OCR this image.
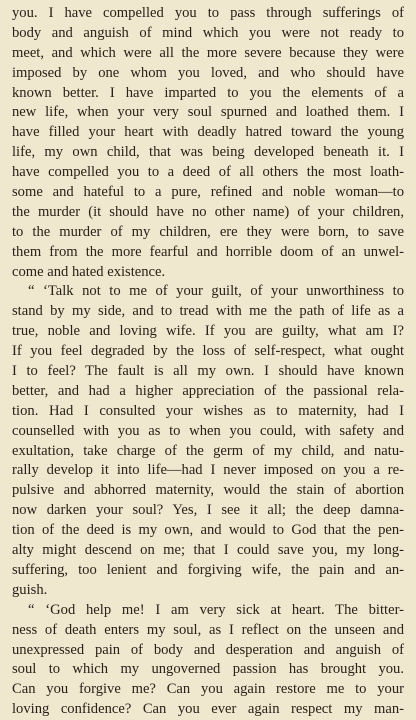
you. I have compelled you to pass through sufferings of
body and anguish of mind which you were not ready to
meet, and which were all the more severe because they were
imposed by one whom you loved, and who should have
known better. I have imparted to you the elements of a
new life, when your very soul spurned and loathed them. I
have filled your heart with deadly hatred toward the young
life, my own child, that was being developed beneath it. I
have compelled you to a deed of all others the most loath-
some and hateful to a pure, refined and noble woman—to
the murder (it should have no other name) of your children,
to the murder of my children, ere they were born, to save
them from the more fearful and horrible doom of an unwel-
come and hated existence.
“ ‘Talk not to me of your guilt, of your unworthiness to
stand by my side, and to tread with me the path of life as a
true, noble and loving wife. If you are guilty, what am I?
If you feel degraded by the loss of self-respect, what ought
I to feel? The fault is all my own. I should have known
better, and had a higher appreciation of the passional rela-
tion. Had I consulted your wishes as to maternity, had I
counselled with you as to when you could, with safety and
exultation, take charge of the germ of my child, and natu-
rally develop it into life—had I never imposed on you a re-
pulsive and abhorred maternity, would the stain of abortion
now darken your soul? Yes, I see it all; the deep damna-
tion of the deed is my own, and would to God that the pen-
alty might descend on me; that I could save you, my long-
suffering, too lenient and forgiving wife, the pain and an-
guish.
“ ‘God help me! I am very sick at heart. The bitter-
ness of death enters my soul, as I reflect on the unseen and
unexpressed pain of body and desperation and anguish of
soul to which my ungoverned passion has brought you.
Can you forgive me? Can you again restore me to your
loving confidence? Can you ever again respect my man-
